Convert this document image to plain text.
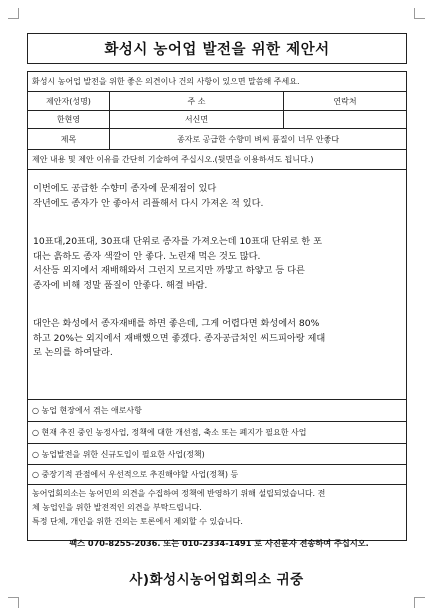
화성시 농어업 발전을 위한 제안서
화성시 농어업 발전을 위한 좋은 의견이나 건의 사항이 있으면 말씀해 주세요.
제안자(성명)	주 소	연락처
한현영	서신면
제목	종자로 공급한 수향미 벼씨 품질이 너무 안좋다
제안 내용 및 제안 이유를 간단히 기술하여 주십시오.(뒷면을 이용하셔도 됩니다.)
이번에도 공급한 수향미 종자에 문제점이 있다
작년에도 종자가 안 좋아서 리플해서 다시 가져온 적 있다.
10표대,20표대, 30표대 단위로 종자를 가져오는데 10표대 단위로 한 포
대는 흙하도 종자 색깔이 안 좋다. 노린재 먹은 것도 많다.
서산등 외지에서 재배해와서 그런지 모르지만 까맣고 하얗고 등 다른
종자에 비해 정말 품질이 안좋다. 해결 바람.
대안은 화성에서 종자재배를 하면 좋은데, 그게 어렵다면 화성에서 80%
하고 20%는 외지에서 재배했으면 좋겠다. 종자공급처인 씨드피아랑 제대
로 논의를 하여달라.
○ 농업 현장에서 겪는 애로사항
○ 현재 추진 중인 농정사업, 정책에 대한 개선점, 축소 또는 폐지가 필요한 사업
○ 농업발전을 위한 신규도입이 필요한 사업(정책)
○ 중장기적 관점에서 우선적으로 추진해야할 사업(정책) 등
농어업회의소는 농어민의 의견을 수집하여 정책에 반영하기 위해 설립되었습니다. 전
체 농업인을 위한 발전적인 의견을 부탁드립니다.
특정 단체, 개인을 위한 건의는 토론에서 제외할 수 있습니다.
팩스 070-8255-2036. 또는 010-2334-1491 로 사진문자 전송하여 주십시오.
사)화성시농어업회의소 귀중
